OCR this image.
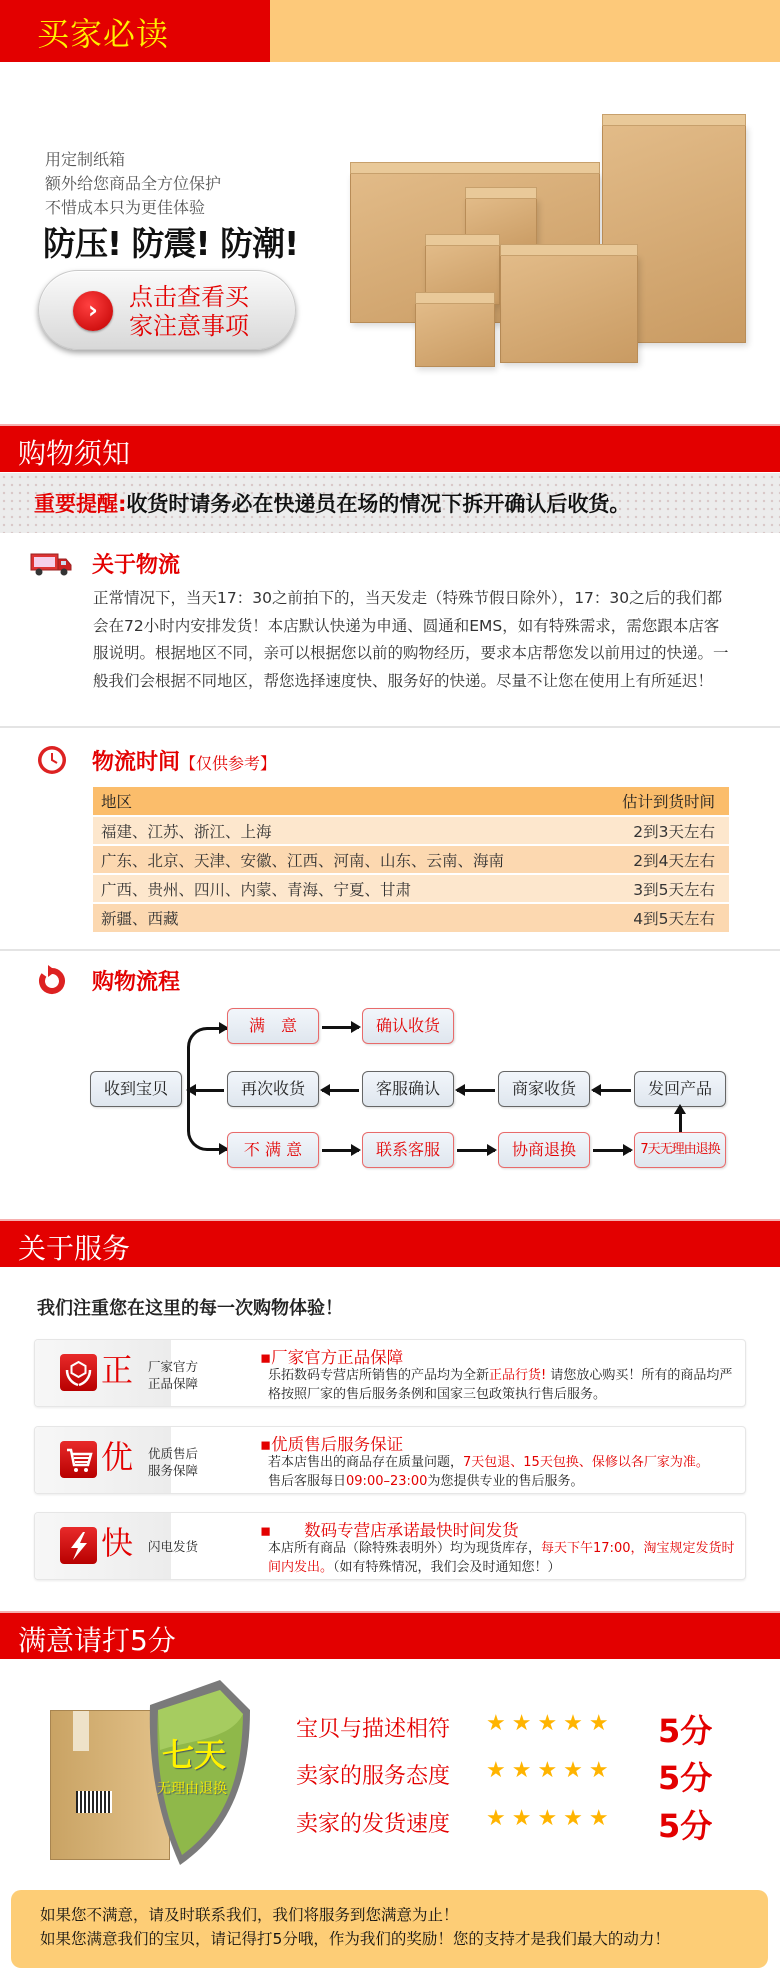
买家必读
用定制纸箱
额外给您商品全方位保护
不惜成本只为更佳体验
防压! 防震! 防潮!
›	点击查看买
家注意事项
购物须知
重要提醒:收货时请务必在快递员在场的情况下拆开确认后收货。
关于物流
正常情况下，当天17：30之前拍下的，当天发走（特殊节假日除外），17：30之后的我们都会在72小时内安排发货！本店默认快递为申通、圆通和EMS，如有特殊需求，需您跟本店客服说明。根据地区不同，亲可以根据您以前的购物经历，要求本店帮您发以前用过的快递。一般我们会根据不同地区，帮您选择速度快、服务好的快递。尽量不让您在使用上有所延迟！
物流时间【仅供参考】
地区	估计到货时间
福建、江苏、浙江、上海	2到3天左右
广东、北京、天津、安徽、江西、河南、山东、云南、海南	2到4天左右
广西、贵州、四川、内蒙、青海、宁夏、甘肃	3到5天左右
新疆、西藏	4到5天左右
购物流程
满　意	确认收货
收到宝贝	再次收货	客服确认	商家收货	发回产品
不 满 意	联系客服	协商退换	7天无理由退换
关于服务
我们注重您在这里的每一次购物体验！
正 厂家官方
正品保障
▪厂家官方正品保障
乐拓数码专营店所销售的产品均为全新正品行货! 请您放心购买！所有的商品均严格按照厂家的售后服务条例和国家三包政策执行售后服务。
优 优质售后
服务保障
▪优质售后服务保证
若本店售出的商品存在质量问题，7天包退、15天包换、保修以各厂家为准。
售后客服每日09:00–23:00为您提供专业的售后服务。
快 闪电发货
▪　　数码专营店承诺最快时间发货
本店所有商品（除特殊表明外）均为现货库存，每天下午17:00，淘宝规定发货时间内发出。（如有特殊情况，我们会及时通知您！）
满意请打5分
七天
无理由退换
宝贝与描述相符 ★★★★★ 5分
卖家的服务态度 ★★★★★ 5分
卖家的发货速度 ★★★★★ 5分
如果您不满意，请及时联系我们，我们将服务到您满意为止！
如果您满意我们的宝贝，请记得打5分哦，作为我们的奖励！您的支持才是我们最大的动力！
